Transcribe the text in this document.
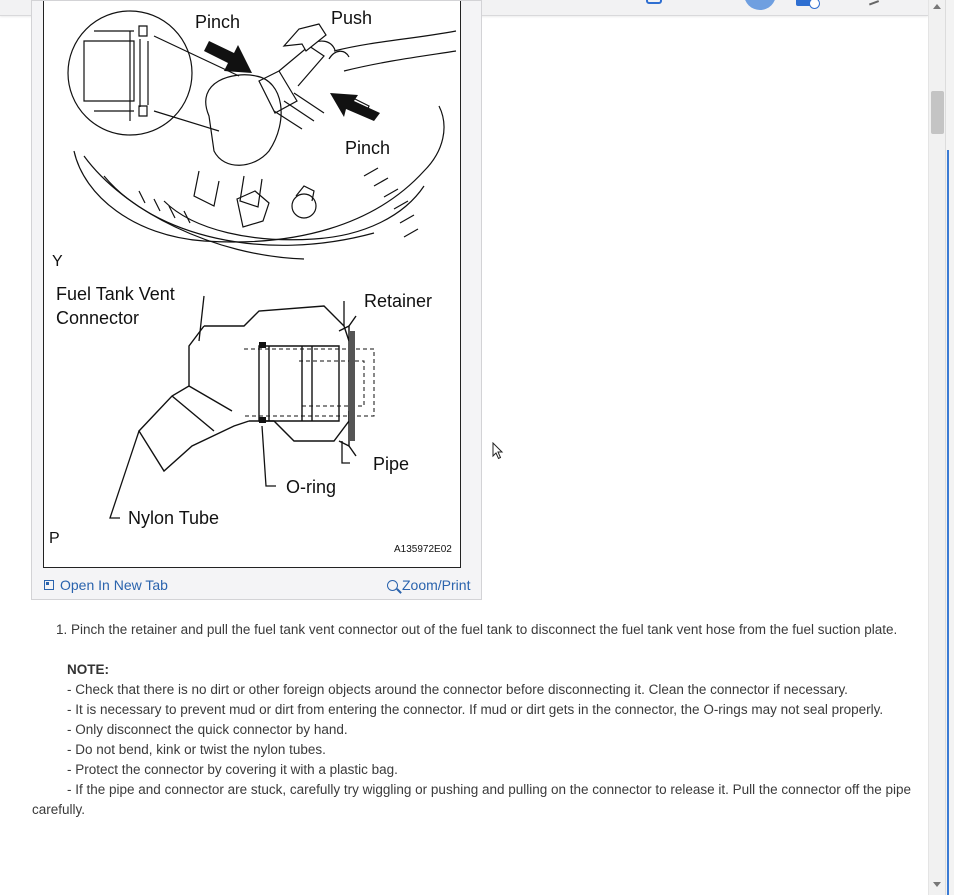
Pinch	Push
Pinch
Y
Fuel Tank Vent
Connector
Retainer
Pipe
O-ring
Nylon Tube
P
A135972E02
Open In New Tab	Zoom/Print

1. Pinch the retainer and pull the fuel tank vent connector out of the fuel tank to disconnect the fuel tank vent hose from the fuel suction plate.

NOTE:

- Check that there is no dirt or other foreign objects around the connector before disconnecting it. Clean the connector if necessary.

- It is necessary to prevent mud or dirt from entering the connector. If mud or dirt gets in the connector, the O-rings may not seal properly.

- Only disconnect the quick connector by hand.

- Do not bend, kink or twist the nylon tubes.

- Protect the connector by covering it with a plastic bag.

- If the pipe and connector are stuck, carefully try wiggling or pushing and pulling on the connector to release it. Pull the connector off the pipe carefully.
